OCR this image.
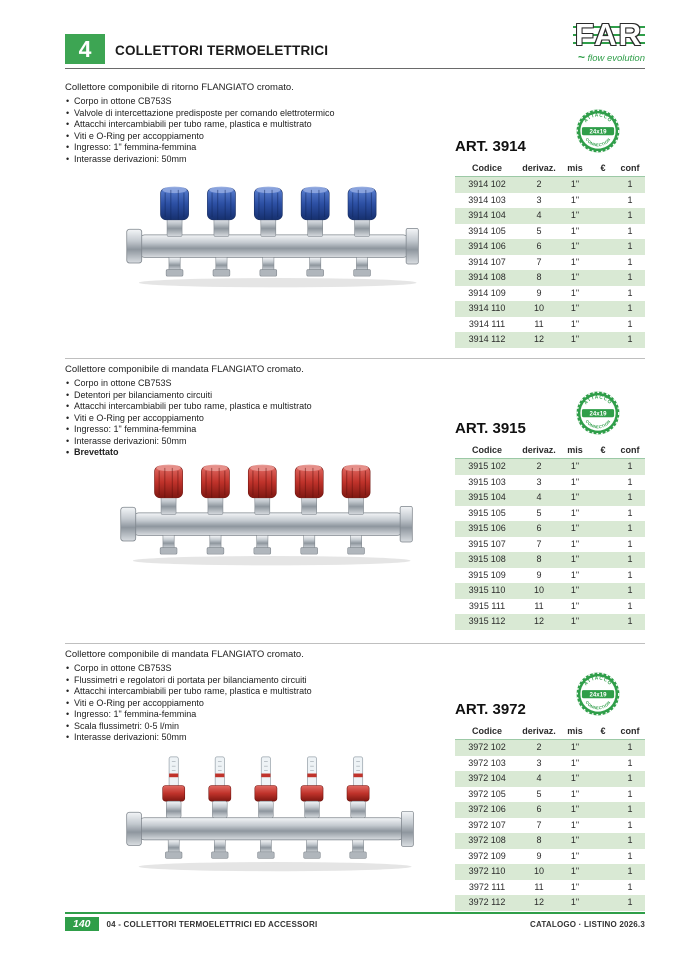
4	COLLETTORI TERMOELETTRICI	FAR
~ flow evolution

Collettore componibile di ritorno FLANGIATO cromato.

• Corpo in ottone CB753S
• Valvole di intercettazione predisposte per comando elettrotermico
• Attacchi intercambiabili per tubo rame, plastica e multistrato
• Viti e O-Ring per accoppiamento
• Ingresso: 1" femmina-femmina
• Interasse derivazioni: 50mm
ATTACCO
24x19
CONNECTION
ART. 3914
Codice	derivaz.	mis	€	conf
3914 102	2	1"		1
3914 103	3	1"		1
3914 104	4	1"		1
3914 105	5	1"		1
3914 106	6	1"		1
3914 107	7	1"		1
3914 108	8	1"		1
3914 109	9	1"		1
3914 110	10	1"		1
3914 111	11	1"		1
3914 112	12	1"		1

Collettore componibile di mandata FLANGIATO cromato.

• Corpo in ottone CB753S
• Detentori per bilanciamento circuiti
• Attacchi intercambiabili per tubo rame, plastica e multistrato
• Viti e O-Ring per accoppiamento
• Ingresso: 1" femmina-femmina
• Interasse derivazioni: 50mm
• Brevettato
ATTACCO
24x19
CONNECTION
ART. 3915
Codice	derivaz.	mis	€	conf
3915 102	2	1"		1
3915 103	3	1"		1
3915 104	4	1"		1
3915 105	5	1"		1
3915 106	6	1"		1
3915 107	7	1"		1
3915 108	8	1"		1
3915 109	9	1"		1
3915 110	10	1"		1
3915 111	11	1"		1
3915 112	12	1"		1

Collettore componibile di mandata FLANGIATO cromato.

• Corpo in ottone CB753S
• Flussimetri e regolatori di portata per bilanciamento circuiti
• Attacchi intercambiabili per tubo rame, plastica e multistrato
• Viti e O-Ring per accoppiamento
• Ingresso: 1" femmina-femmina
• Scala flussimetri: 0-5 l/min
• Interasse derivazioni: 50mm
ATTACCO
24x19
CONNECTION
ART. 3972
Codice	derivaz.	mis	€	conf
3972 102	2	1"		1
3972 103	3	1"		1
3972 104	4	1"		1
3972 105	5	1"		1
3972 106	6	1"		1
3972 107	7	1"		1
3972 108	8	1"		1
3972 109	9	1"		1
3972 110	10	1"		1
3972 111	11	1"		1
3972 112	12	1"		1
140	04 - COLLETTORI TERMOELETTRICI ED ACCESSORI	CATALOGO · LISTINO 2026.3
